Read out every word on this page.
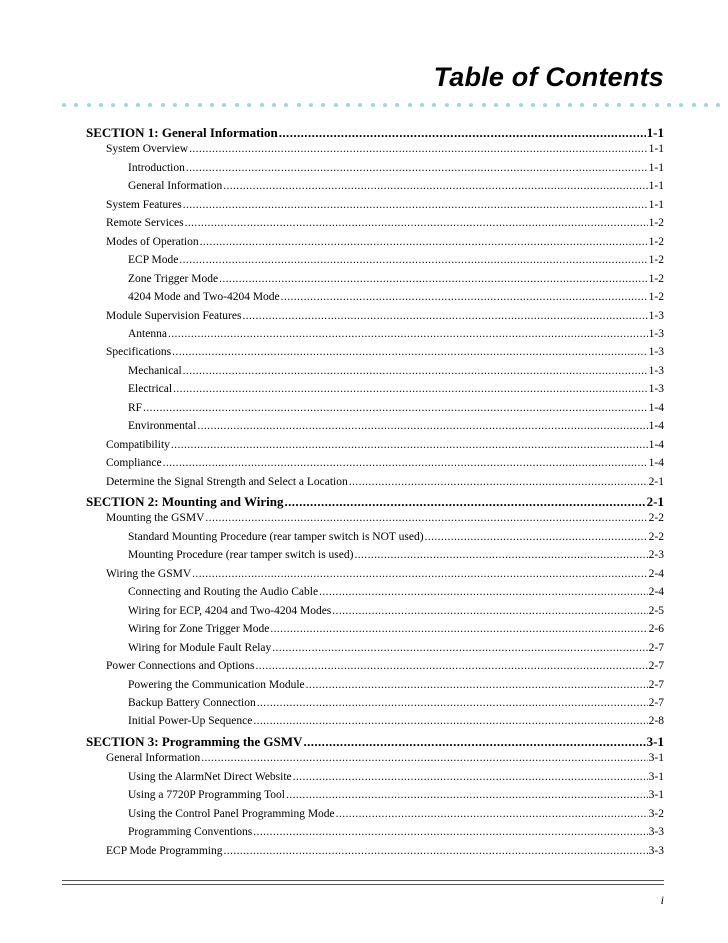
Table of Contents
SECTION 1: General Information .....	1-1
System Overview .....	1-1
Introduction .....	1-1
General Information .....	1-1
System Features .....	1-1
Remote Services .....	1-2
Modes of Operation .....	1-2
ECP Mode .....	1-2
Zone Trigger Mode .....	1-2
4204 Mode and Two-4204 Mode .....	1-2
Module Supervision Features .....	1-3
Antenna .....	1-3
Specifications .....	1-3
Mechanical .....	1-3
Electrical .....	1-3
RF .....	1-4
Environmental .....	1-4
Compatibility .....	1-4
Compliance .....	1-4
Determine the Signal Strength and Select a Location .....	2-1
SECTION 2: Mounting and Wiring .....	2-1
Mounting the GSMV .....	2-2
Standard Mounting Procedure (rear tamper switch is NOT used) .....	2-2
Mounting Procedure (rear tamper switch is used) .....	2-3
Wiring the GSMV .....	2-4
Connecting and Routing the Audio Cable .....	2-4
Wiring for ECP, 4204 and Two-4204 Modes .....	2-5
Wiring for Zone Trigger Mode .....	2-6
Wiring for Module Fault Relay .....	2-7
Power Connections and Options .....	2-7
Powering the Communication Module .....	2-7
Backup Battery Connection .....	2-7
Initial Power-Up Sequence .....	2-8
SECTION 3: Programming the GSMV .....	3-1
General Information .....	3-1
Using the AlarmNet Direct Website .....	3-1
Using a 7720P Programming Tool .....	3-1
Using the Control Panel Programming Mode .....	3-2
Programming Conventions .....	3-3
ECP Mode Programming .....	3-3
i
